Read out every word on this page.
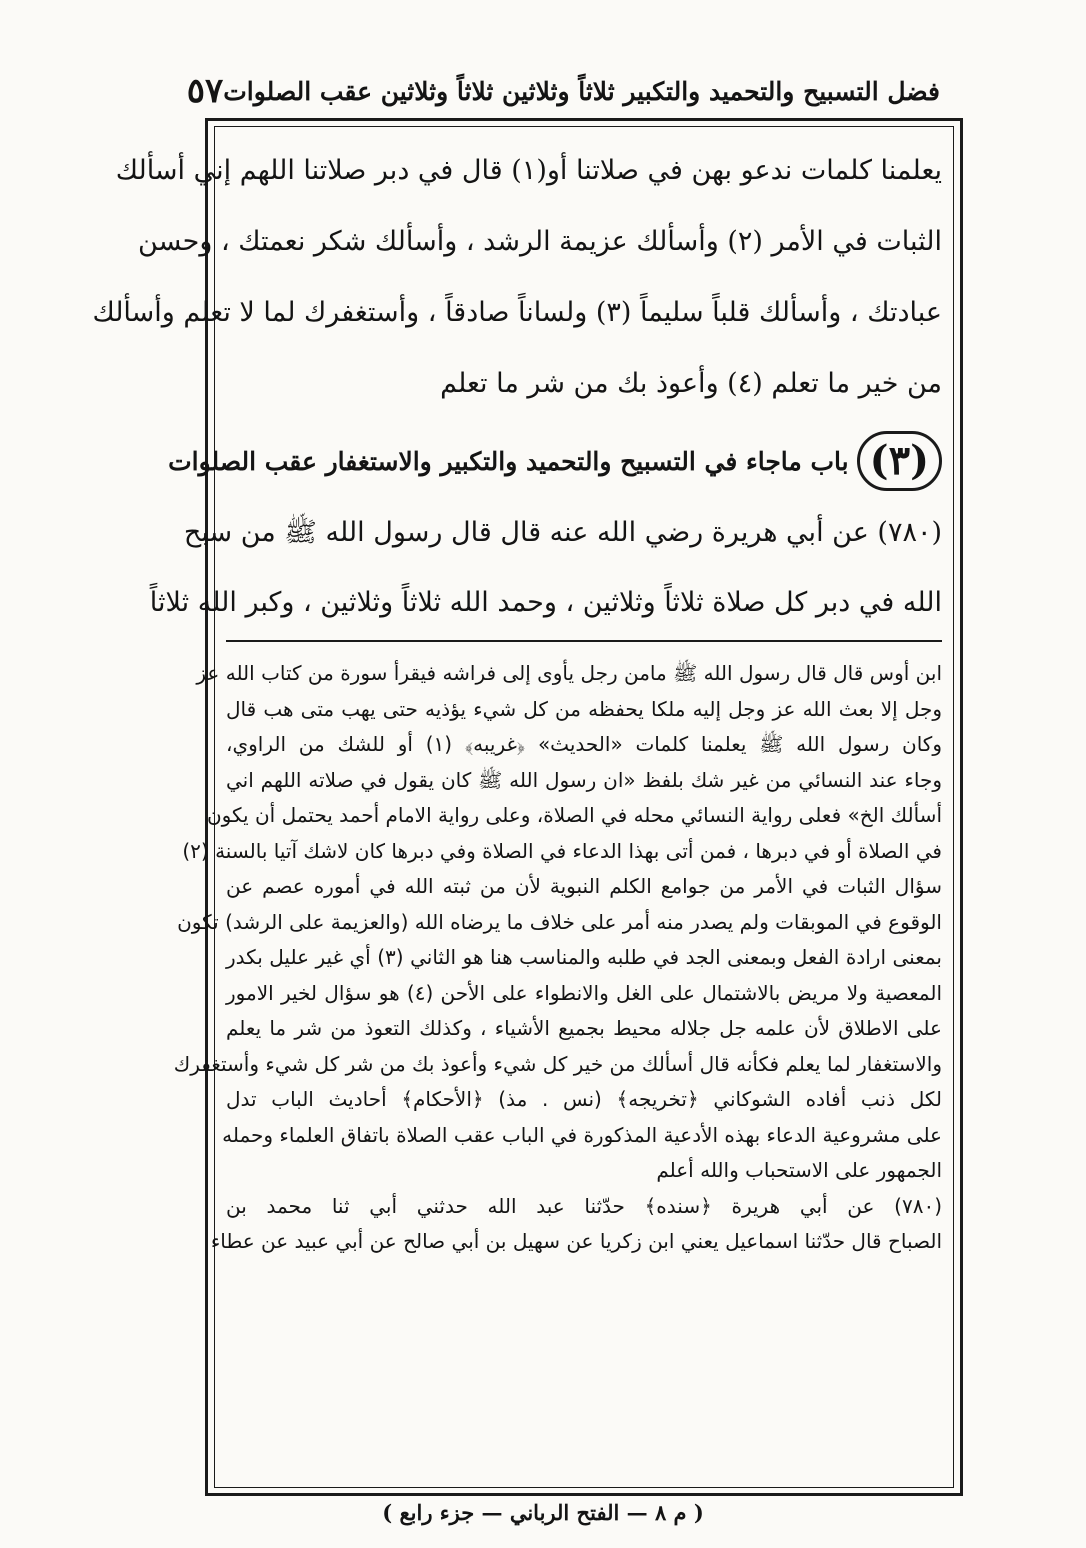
فضل التسبيح والتحميد والتكبير ثلاثاً وثلاثين ثلاثاً وثلاثين عقب الصلوات
٥٧
يعلمنا كلمات ندعو بهن في صلاتنا أو(١) قال في دبر صلاتنا اللهم إني أسألك
الثبات في الأمر (٢) وأسألك عزيمة الرشد ، وأسألك شكر نعمتك ، وحسن
عبادتك ، وأسألك قلباً سليماً (٣) ولساناً صادقاً ، وأستغفرك لما لا تعلم وأسألك
من خير ما تعلم (٤) وأعوذ بك من شر ما تعلم
(٣)
باب ماجاء في التسبيح والتحميد والتكبير والاستغفار عقب الصلوات
(٧٨٠) عن أبي هريرة رضي الله عنه قال قال رسول الله ﷺ من سبح
الله في دبر كل صلاة ثلاثاً وثلاثين ، وحمد الله ثلاثاً وثلاثين ، وكبر الله ثلاثاً
ابن أوس قال قال رسول الله ﷺ مامن رجل يأوى إلى فراشه فيقرأ سورة من كتاب الله عز
وجل إلا بعث الله عز وجل إليه ملكا يحفظه من كل شيء يؤذيه حتى يهب متى هب قال
وكان رسول الله ﷺ يعلمنا كلمات «الحديث» ﴿غريبه﴾ (١) أو للشك من الراوي،
وجاء عند النسائي من غير شك بلفظ «ان رسول الله ﷺ كان يقول في صلاته اللهم اني
أسألك الخ» فعلى رواية النسائي محله في الصلاة، وعلى رواية الامام أحمد يحتمل أن يكون
في الصلاة أو في دبرها ، فمن أتى بهذا الدعاء في الصلاة وفي دبرها كان لاشك آتيا بالسنة (٢)
سؤال الثبات في الأمر من جوامع الكلم النبوية لأن من ثبته الله في أموره عصم عن
الوقوع في الموبقات ولم يصدر منه أمر على خلاف ما يرضاه الله (والعزيمة على الرشد) تكون
بمعنى ارادة الفعل وبمعنى الجد في طلبه والمناسب هنا هو الثاني (٣) أي غير عليل بكدر
المعصية ولا مريض بالاشتمال على الغل والانطواء على الأحن (٤) هو سؤال لخير الامور
على الاطلاق لأن علمه جل جلاله محيط بجميع الأشياء ، وكذلك التعوذ من شر ما يعلم
والاستغفار لما يعلم فكأنه قال أسألك من خير كل شيء وأعوذ بك من شر كل شيء وأستغفرك
لكل ذنب أفاده الشوكاني ﴿تخريجه﴾ (نس . مذ) ﴿الأحكام﴾ أحاديث الباب تدل
على مشروعية الدعاء بهذه الأدعية المذكورة في الباب عقب الصلاة باتفاق العلماء وحمله
الجمهور على الاستحباب والله أعلم
(٧٨٠) عن أبي هريرة ﴿سنده﴾ حدّثنا عبد الله حدثني أبي ثنا محمد بن
الصباح قال حدّثنا اسماعيل يعني ابن زكريا عن سهيل بن أبي صالح عن أبي عبيد عن عطاء
( م ٨ — الفتح الرباني — جزء رابع )
